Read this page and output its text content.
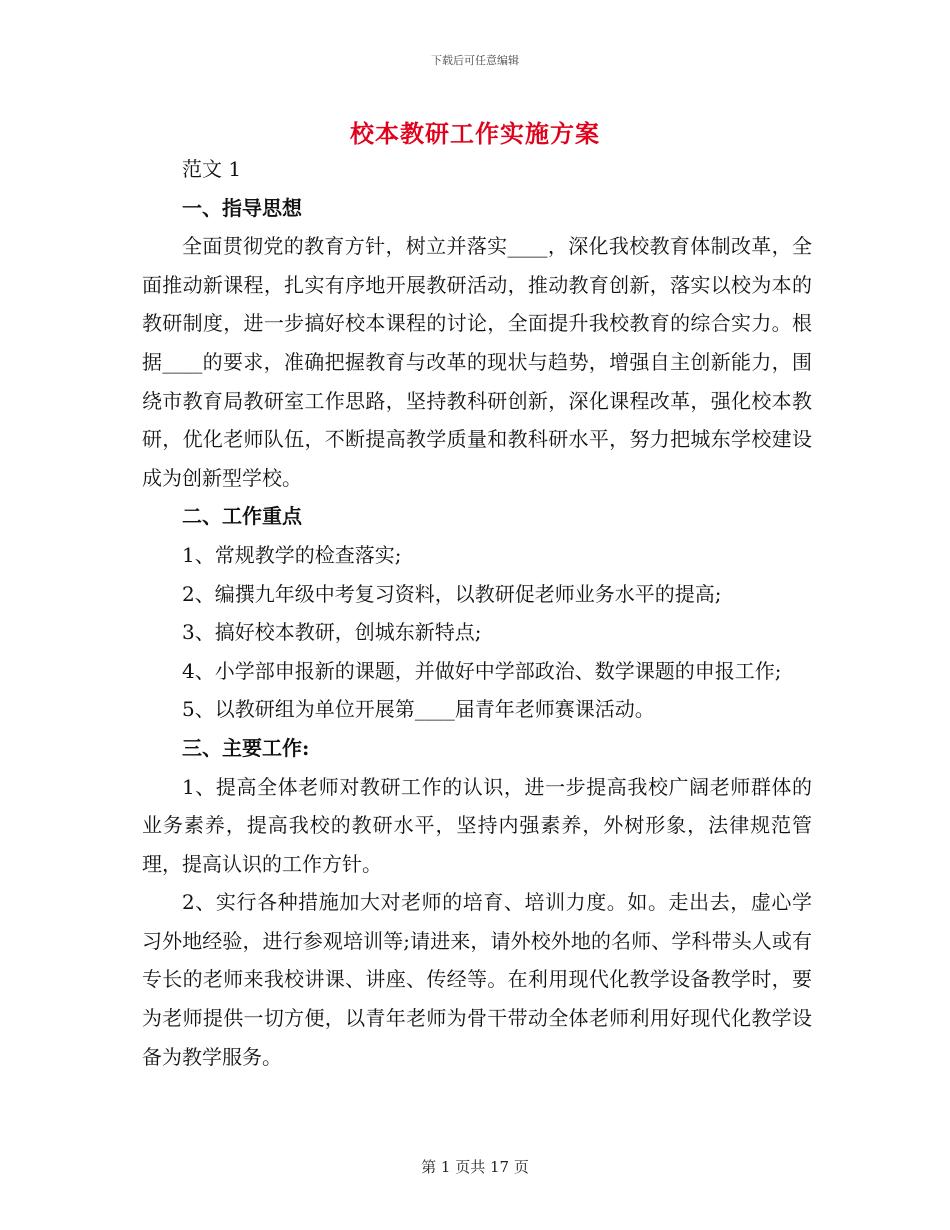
下载后可任意编辑
校本教研工作实施方案

范文 1

一、指导思想

全面贯彻党的教育方针，树立并落实____，深化我校教育体制改革，全面推动新课程，扎实有序地开展教研活动，推动教育创新，落实以校为本的教研制度，进一步搞好校本课程的讨论，全面提升我校教育的综合实力。根据____的要求，准确把握教育与改革的现状与趋势，增强自主创新能力，围绕市教育局教研室工作思路，坚持教科研创新，深化课程改革，强化校本教研，优化老师队伍，不断提高教学质量和教科研水平，努力把城东学校建设成为创新型学校。

二、工作重点

1、常规教学的检查落实;

2、编撰九年级中考复习资料，以教研促老师业务水平的提高;

3、搞好校本教研，创城东新特点;

4、小学部申报新的课题，并做好中学部政治、数学课题的申报工作;

5、以教研组为单位开展第____届青年老师赛课活动。

三、主要工作:

1、提高全体老师对教研工作的认识，进一步提高我校广阔老师群体的业务素养，提高我校的教研水平，坚持内强素养，外树形象，法律规范管理，提高认识的工作方针。

2、实行各种措施加大对老师的培育、培训力度。如。走出去，虚心学习外地经验，进行参观培训等;请进来，请外校外地的名师、学科带头人或有专长的老师来我校讲课、讲座、传经等。在利用现代化教学设备教学时，要为老师提供一切方便，以青年老师为骨干带动全体老师利用好现代化教学设备为教学服务。

第 1 页共 17 页
